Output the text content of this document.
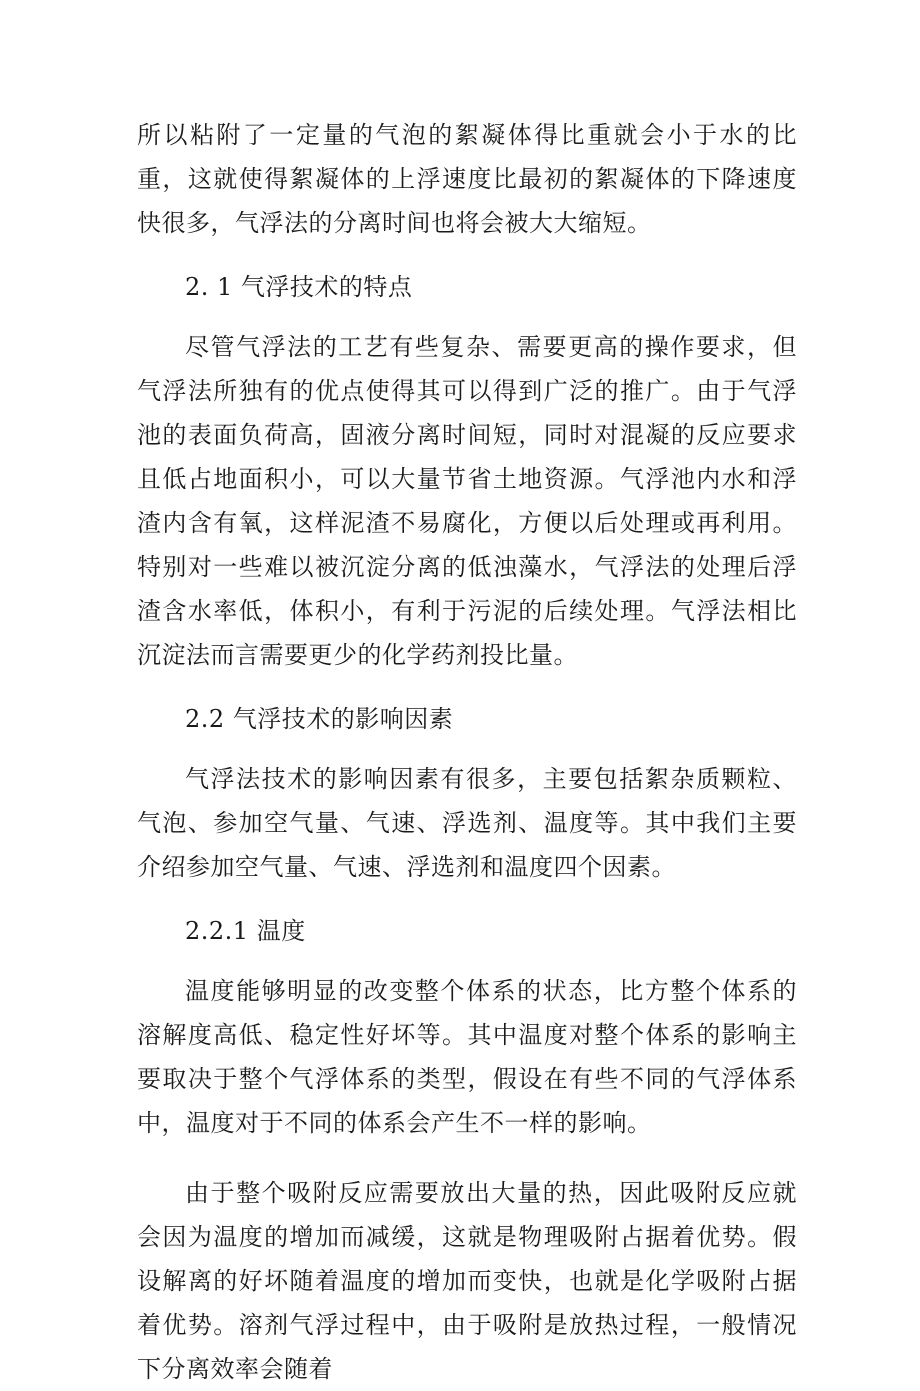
所以粘附了一定量的气泡的絮凝体得比重就会小于水的比重，这就使得絮凝体的上浮速度比最初的絮凝体的下降速度快很多，气浮法的分离时间也将会被大大缩短。

2. 1 气浮技术的特点

尽管气浮法的工艺有些复杂、需要更高的操作要求，但气浮法所独有的优点使得其可以得到广泛的推广。由于气浮池的表面负荷高，固液分离时间短，同时对混凝的反应要求且低占地面积小，可以大量节省土地资源。气浮池内水和浮渣内含有氧，这样泥渣不易腐化，方便以后处理或再利用。特别对一些难以被沉淀分离的低浊藻水，气浮法的处理后浮渣含水率低，体积小，有利于污泥的后续处理。气浮法相比沉淀法而言需要更少的化学药剂投比量。

2.2 气浮技术的影响因素

气浮法技术的影响因素有很多，主要包括絮杂质颗粒、气泡、参加空气量、气速、浮选剂、温度等。其中我们主要介绍参加空气量、气速、浮选剂和温度四个因素。

2.2.1 温度

温度能够明显的改变整个体系的状态，比方整个体系的溶解度高低、稳定性好坏等。其中温度对整个体系的影响主要取决于整个气浮体系的类型，假设在有些不同的气浮体系中，温度对于不同的体系会产生不一样的影响。

由于整个吸附反应需要放出大量的热，因此吸附反应就会因为温度的增加而减缓，这就是物理吸附占据着优势。假设解离的好坏随着温度的增加而变快，也就是化学吸附占据着优势。溶剂气浮过程中，由于吸附是放热过程，一般情况下分离效率会随着
